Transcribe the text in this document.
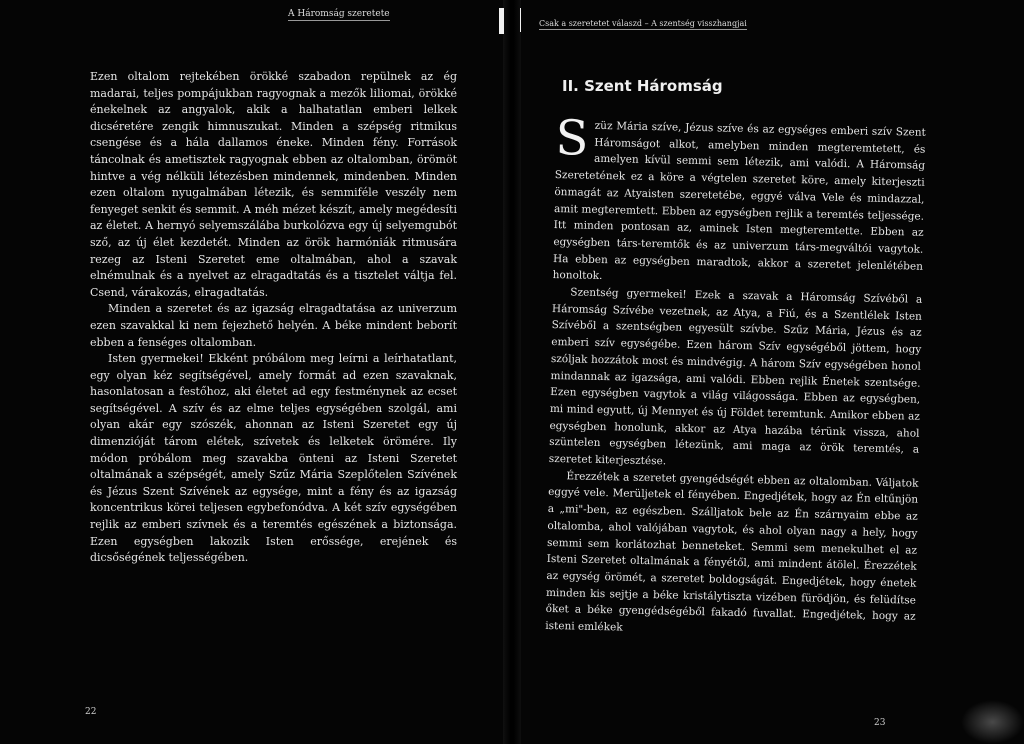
A Háromság szeretete

Ezen oltalom rejtekében örökké szabadon repülnek az ég madarai, teljes pompájukban ragyognak a mezők liliomai, örökké énekelnek az angyalok, akik a halhatatlan emberi lelkek dicséretére zengik himnuszukat. Minden a szépség ritmikus csengése és a hála dallamos éneke. Minden fény. Források táncolnak és ametisztek ragyognak ebben az oltalomban, örömöt hintve a vég nélküli létezésben mindennek, mindenben. Minden ezen oltalom nyugalmában létezik, és semmiféle veszély nem fenyeget senkit és semmit. A méh mézet készít, amely megédesíti az életet. A hernyó selyemszálába burkolózva egy új selyemgubót sző, az új élet kezdetét. Minden az örök harmóniák ritmusára rezeg az Isteni Szeretet eme oltalmában, ahol a szavak elnémulnak és a nyelvet az elragadtatás és a tisztelet váltja fel. Csend, várakozás, elragadtatás.

Minden a szeretet és az igazság elragadtatása az univerzum ezen szavakkal ki nem fejezhető helyén. A béke mindent beborít ebben a fenséges oltalomban.

Isten gyermekei! Ekként próbálom meg leírni a leírhatatlant, egy olyan kéz segítségével, amely formát ad ezen szavaknak, hasonlatosan a festőhoz, aki életet ad egy festménynek az ecset segítségével. A szív és az elme teljes egységében szolgál, ami olyan akár egy szószék, ahonnan az Isteni Szeretet egy új dimenzióját tárom elétek, szívetek és lelketek örömére. Ily módon próbálom meg szavakba önteni az Isteni Szeretet oltalmának a szépségét, amely Szűz Mária Szeplőtelen Szívének és Jézus Szent Szívének az egysége, mint a fény és az igazság koncentrikus körei teljesen egybefonódva. A két szív egységében rejlik az emberi szívnek és a teremtés egészének a biztonsága. Ezen egységben lakozik Isten erőssége, erejének és dicsőségének teljességében.

22
Csak a szeretetet válaszd – A szentség visszhangjai
II. Szent Háromság

Szüz Mária szíve, Jézus szíve és az egységes emberi szív Szent Háromságot alkot, amelyben minden megteremtetett, és amelyen kívül semmi sem létezik, ami valódi. A Háromság Szeretetének ez a köre a végtelen szeretet köre, amely kiterjeszti önmagát az Atyaisten szeretetébe, eggyé válva Vele és mindazzal, amit megteremtett. Ebben az egységben rejlik a teremtés teljessége. Itt minden pontosan az, aminek Isten megteremtette. Ebben az egységben társ-teremtők és az univerzum társ-megváltói vagytok. Ha ebben az egységben maradtok, akkor a szeretet jelenlétében honoltok.

Szentség gyermekei! Ezek a szavak a Háromság Szívéből a Háromság Szívébe vezetnek, az Atya, a Fiú, és a Szentlélek Isten Szívéből a szentségben egyesült szívbe. Szűz Mária, Jézus és az emberi szív egységébe. Ezen három Szív egységéből jöttem, hogy szóljak hozzátok most és mindvégig. A három Szív egységében honol mindannak az igazsága, ami valódi. Ebben rejlik Énetek szentsége. Ezen egységben vagytok a világ világossága. Ebben az egységben, mi mind egyutt, új Mennyet és új Földet teremtunk. Amikor ebben az egységben honolunk, akkor az Atya hazába térünk vissza, ahol szüntelen egységben létezünk, ami maga az örök teremtés, a szeretet kiterjesztése.

Érezzétek a szeretet gyengédségét ebben az oltalomban. Váljatok eggyé vele. Merüljetek el fényében. Engedjétek, hogy az Én eltűnjön a „mi"-ben, az egészben. Szálljatok bele az Én szárnyaim ebbe az oltalomba, ahol valójában vagytok, és ahol olyan nagy a hely, hogy semmi sem korlátozhat benneteket. Semmi sem menekulhet el az Isteni Szeretet oltalmának a fényétől, ami mindent átölel. Érezzétek az egység örömét, a szeretet boldogságát. Engedjétek, hogy énetek minden kis sejtje a béke kristálytiszta vizében fürödjön, és felüdítse őket a béke gyengédségéből fakadó fuvallat. Engedjétek, hogy az isteni emlékek

23
